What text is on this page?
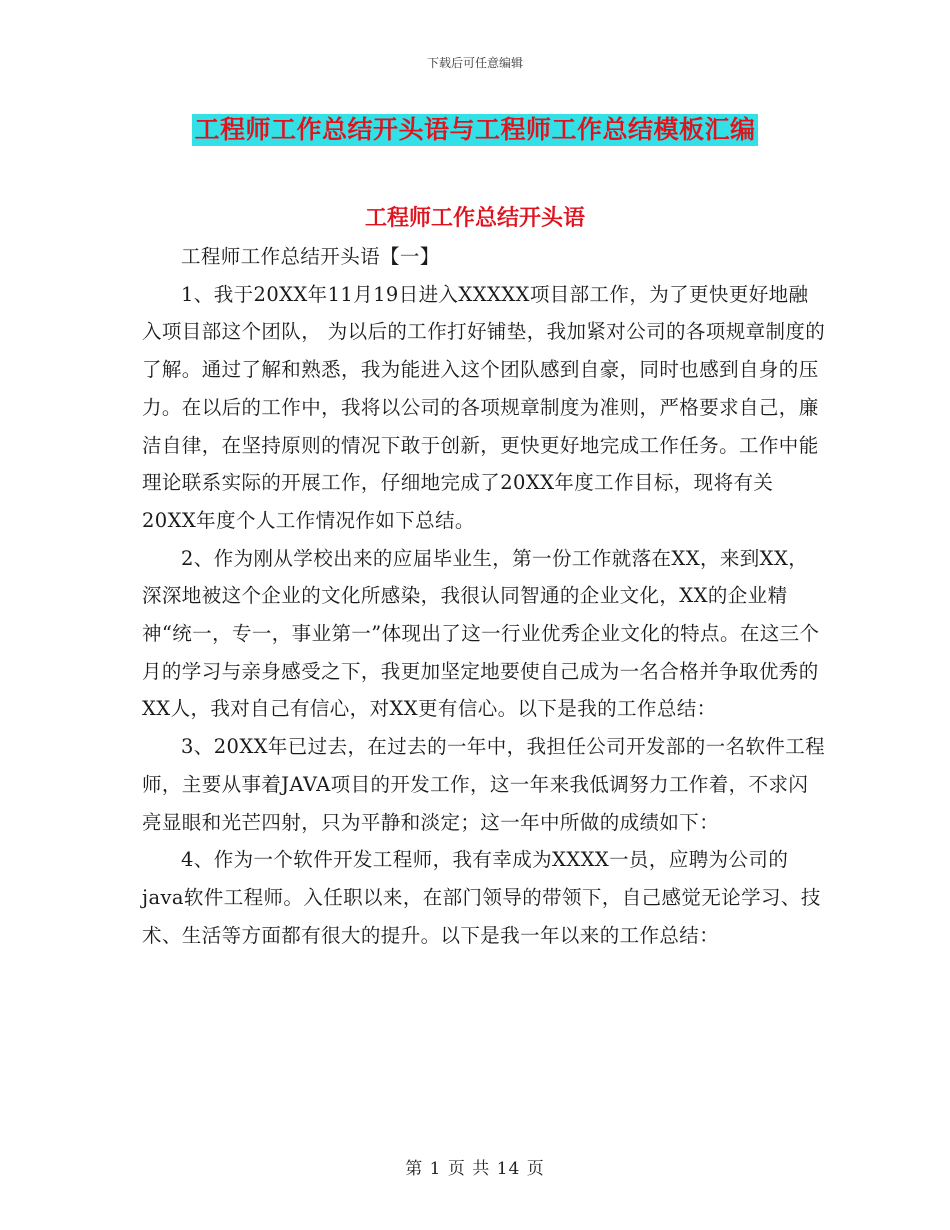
下载后可任意编辑
工程师工作总结开头语与工程师工作总结模板汇编
工程师工作总结开头语

工程师工作总结开头语【一】

1、我于20XX年11月19日进入XXXXX项目部工作，为了更快更好地融入项目部这个团队， 为以后的工作打好铺垫，我加紧对公司的各项规章制度的了解。通过了解和熟悉，我为能进入这个团队感到自豪，同时也感到自身的压力。在以后的工作中，我将以公司的各项规章制度为准则，严格要求自己，廉洁自律，在坚持原则的情况下敢于创新，更快更好地完成工作任务。工作中能理论联系实际的开展工作，仔细地完成了20XX年度工作目标，现将有关20XX年度个人工作情况作如下总结。

2、作为刚从学校出来的应届毕业生，第一份工作就落在XX，来到XX，深深地被这个企业的文化所感染，我很认同智通的企业文化，XX的企业精神“统一，专一，事业第一”体现出了这一行业优秀企业文化的特点。在这三个月的学习与亲身感受之下，我更加坚定地要使自己成为一名合格并争取优秀的XX人，我对自己有信心，对XX更有信心。以下是我的工作总结：

3、20XX年已过去，在过去的一年中，我担任公司开发部的一名软件工程师，主要从事着JAVA项目的开发工作，这一年来我低调努力工作着，不求闪亮显眼和光芒四射，只为平静和淡定；这一年中所做的成绩如下：

4、作为一个软件开发工程师，我有幸成为XXXX一员，应聘为公司的java软件工程师。入任职以来，在部门领导的带领下，自己感觉无论学习、技术、生活等方面都有很大的提升。以下是我一年以来的工作总结：

第 1 页 共 14 页
